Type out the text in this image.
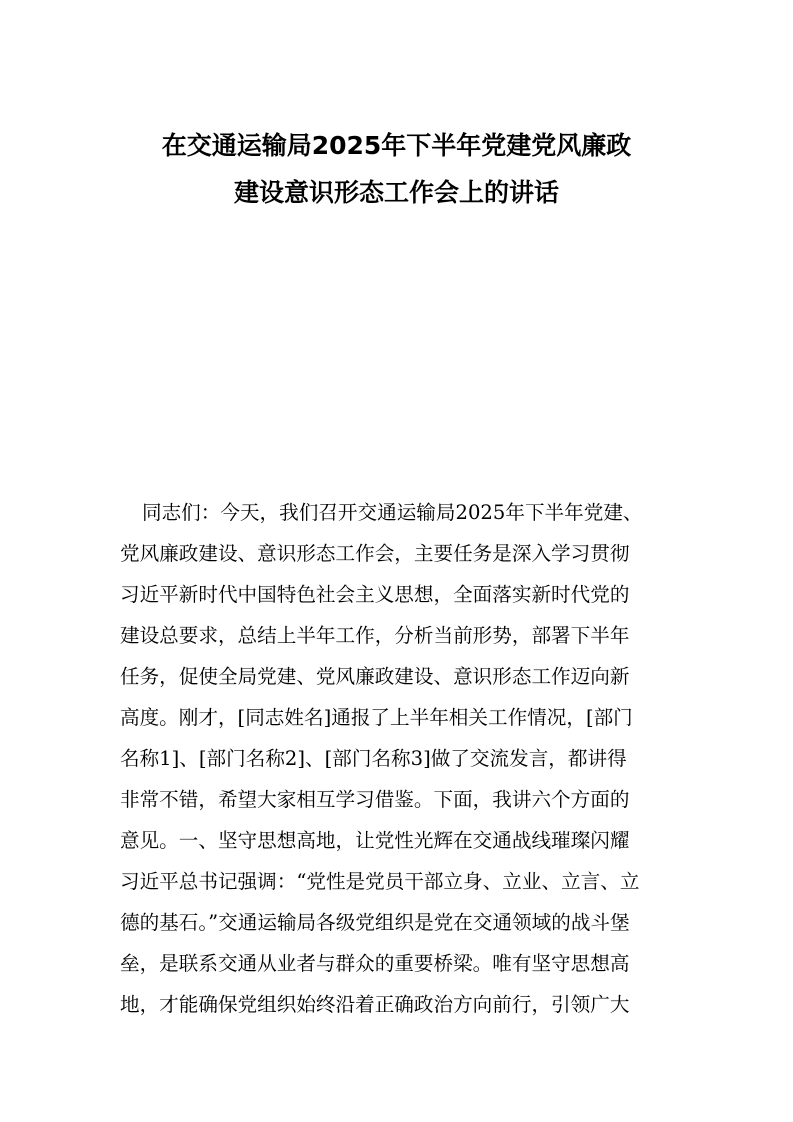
在交通运输局2025年下半年党建党风廉政
建设意识形态工作会上的讲话
同志们：今天，我们召开交通运输局2025年下半年党建、
党风廉政建设、意识形态工作会，主要任务是深入学习贯彻
习近平新时代中国特色社会主义思想，全面落实新时代党的
建设总要求，总结上半年工作，分析当前形势，部署下半年
任务，促使全局党建、党风廉政建设、意识形态工作迈向新
高度。刚才，[同志姓名]通报了上半年相关工作情况，[部门
名称1]、[部门名称2]、[部门名称3]做了交流发言，都讲得
非常不错，希望大家相互学习借鉴。下面，我讲六个方面的
意见。一、坚守思想高地，让党性光辉在交通战线璀璨闪耀
习近平总书记强调：“党性是党员干部立身、立业、立言、立
德的基石。”交通运输局各级党组织是党在交通领域的战斗堡
垒，是联系交通从业者与群众的重要桥梁。唯有坚守思想高
地，才能确保党组织始终沿着正确政治方向前行，引领广大
